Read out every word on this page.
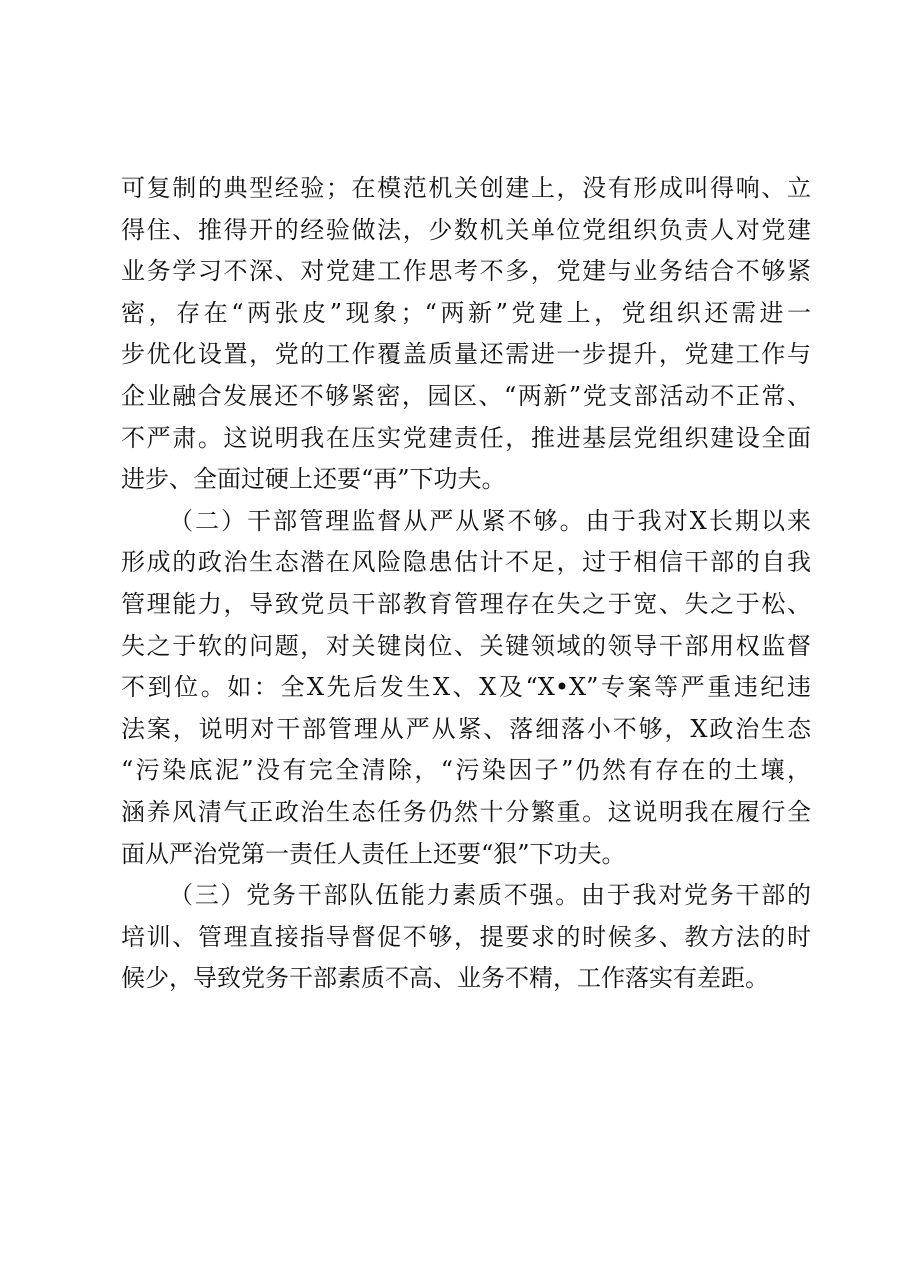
可复制的典型经验；在模范机关创建上，没有形成叫得响、立
得住、推得开的经验做法，少数机关单位党组织负责人对党建
业务学习不深、对党建工作思考不多，党建与业务结合不够紧
密，存在“两张皮”现象；“两新”党建上，党组织还需进一
步优化设置，党的工作覆盖质量还需进一步提升，党建工作与
企业融合发展还不够紧密，园区、“两新”党支部活动不正常、
不严肃。这说明我在压实党建责任，推进基层党组织建设全面
进步、全面过硬上还要“再”下功夫。
（二）干部管理监督从严从紧不够。由于我对X长期以来
形成的政治生态潜在风险隐患估计不足，过于相信干部的自我
管理能力，导致党员干部教育管理存在失之于宽、失之于松、
失之于软的问题，对关键岗位、关键领域的领导干部用权监督
不到位。如：全X先后发生X、X及“X•X”专案等严重违纪违
法案，说明对干部管理从严从紧、落细落小不够，X政治生态
“污染底泥”没有完全清除，“污染因子”仍然有存在的土壤，
涵养风清气正政治生态任务仍然十分繁重。这说明我在履行全
面从严治党第一责任人责任上还要“狠”下功夫。
（三）党务干部队伍能力素质不强。由于我对党务干部的
培训、管理直接指导督促不够，提要求的时候多、教方法的时
候少，导致党务干部素质不高、业务不精，工作落实有差距。
